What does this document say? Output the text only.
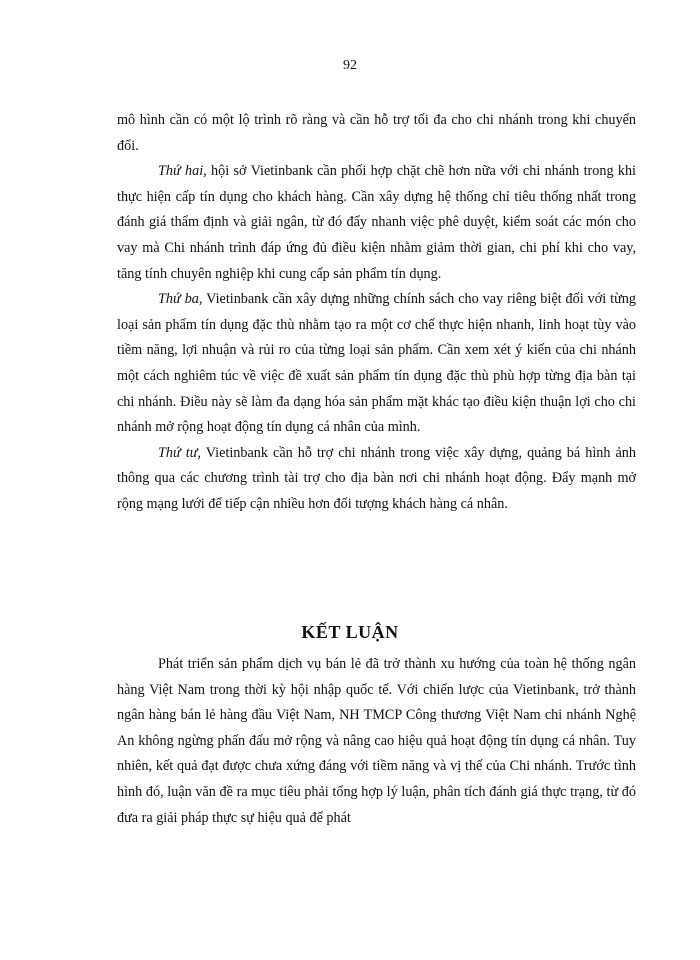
92

mô hình cần có một lộ trình rõ ràng và cần hỗ trợ tối đa cho chi nhánh trong khi chuyển đổi.

Thứ hai, hội sở Vietinbank cần phối hợp chặt chẽ hơn nữa với chi nhánh trong khi thực hiện cấp tín dụng cho khách hàng. Cần xây dựng hệ thống chỉ tiêu thống nhất trong đánh giá thẩm định và giải ngân, từ đó đẩy nhanh việc phê duyệt, kiểm soát các món cho vay mà Chi nhánh trình đáp ứng đủ điều kiện nhằm giảm thời gian, chi phí khi cho vay, tăng tính chuyên nghiệp khi cung cấp sản phẩm tín dụng.

Thứ ba, Vietinbank cần xây dựng những chính sách cho vay riêng biệt đối với từng loại sản phẩm tín dụng đặc thù nhằm tạo ra một cơ chế thực hiện nhanh, linh hoạt tùy vào tiềm năng, lợi nhuận và rủi ro của từng loại sản phẩm. Cần xem xét ý kiến của chi nhánh một cách nghiêm túc về việc đề xuất sản phẩm tín dụng đặc thù phù hợp từng địa bàn tại chi nhánh. Điều này sẽ làm đa dạng hóa sản phẩm mặt khác tạo điều kiện thuận lợi cho chi nhánh mở rộng hoạt động tín dụng cá nhân của mình.

Thứ tư, Vietinbank cần hỗ trợ chi nhánh trong việc xây dựng, quảng bá hình ảnh thông qua các chương trình tài trợ cho địa bàn nơi chi nhánh hoạt động. Đẩy mạnh mở rộng mạng lưới để tiếp cận nhiều hơn đối tượng khách hàng cá nhân.

KẾT LUẬN

Phát triển sản phẩm dịch vụ bán lẻ đã trở thành xu hướng của toàn hệ thống ngân hàng Việt Nam trong thời kỳ hội nhập quốc tế. Với chiến lược của Vietinbank, trở thành ngân hàng bán lẻ hàng đầu Việt Nam, NH TMCP Công thương Việt Nam chi nhánh Nghệ An không ngừng phấn đấu mở rộng và nâng cao hiệu quả hoạt động tín dụng cá nhân. Tuy nhiên, kết quả đạt được chưa xứng đáng với tiềm năng và vị thế của Chi nhánh. Trước tình hình đó, luận văn đề ra mục tiêu phải tổng hợp lý luận, phân tích đánh giá thực trạng, từ đó đưa ra giải pháp thực sự hiệu quả để phát
